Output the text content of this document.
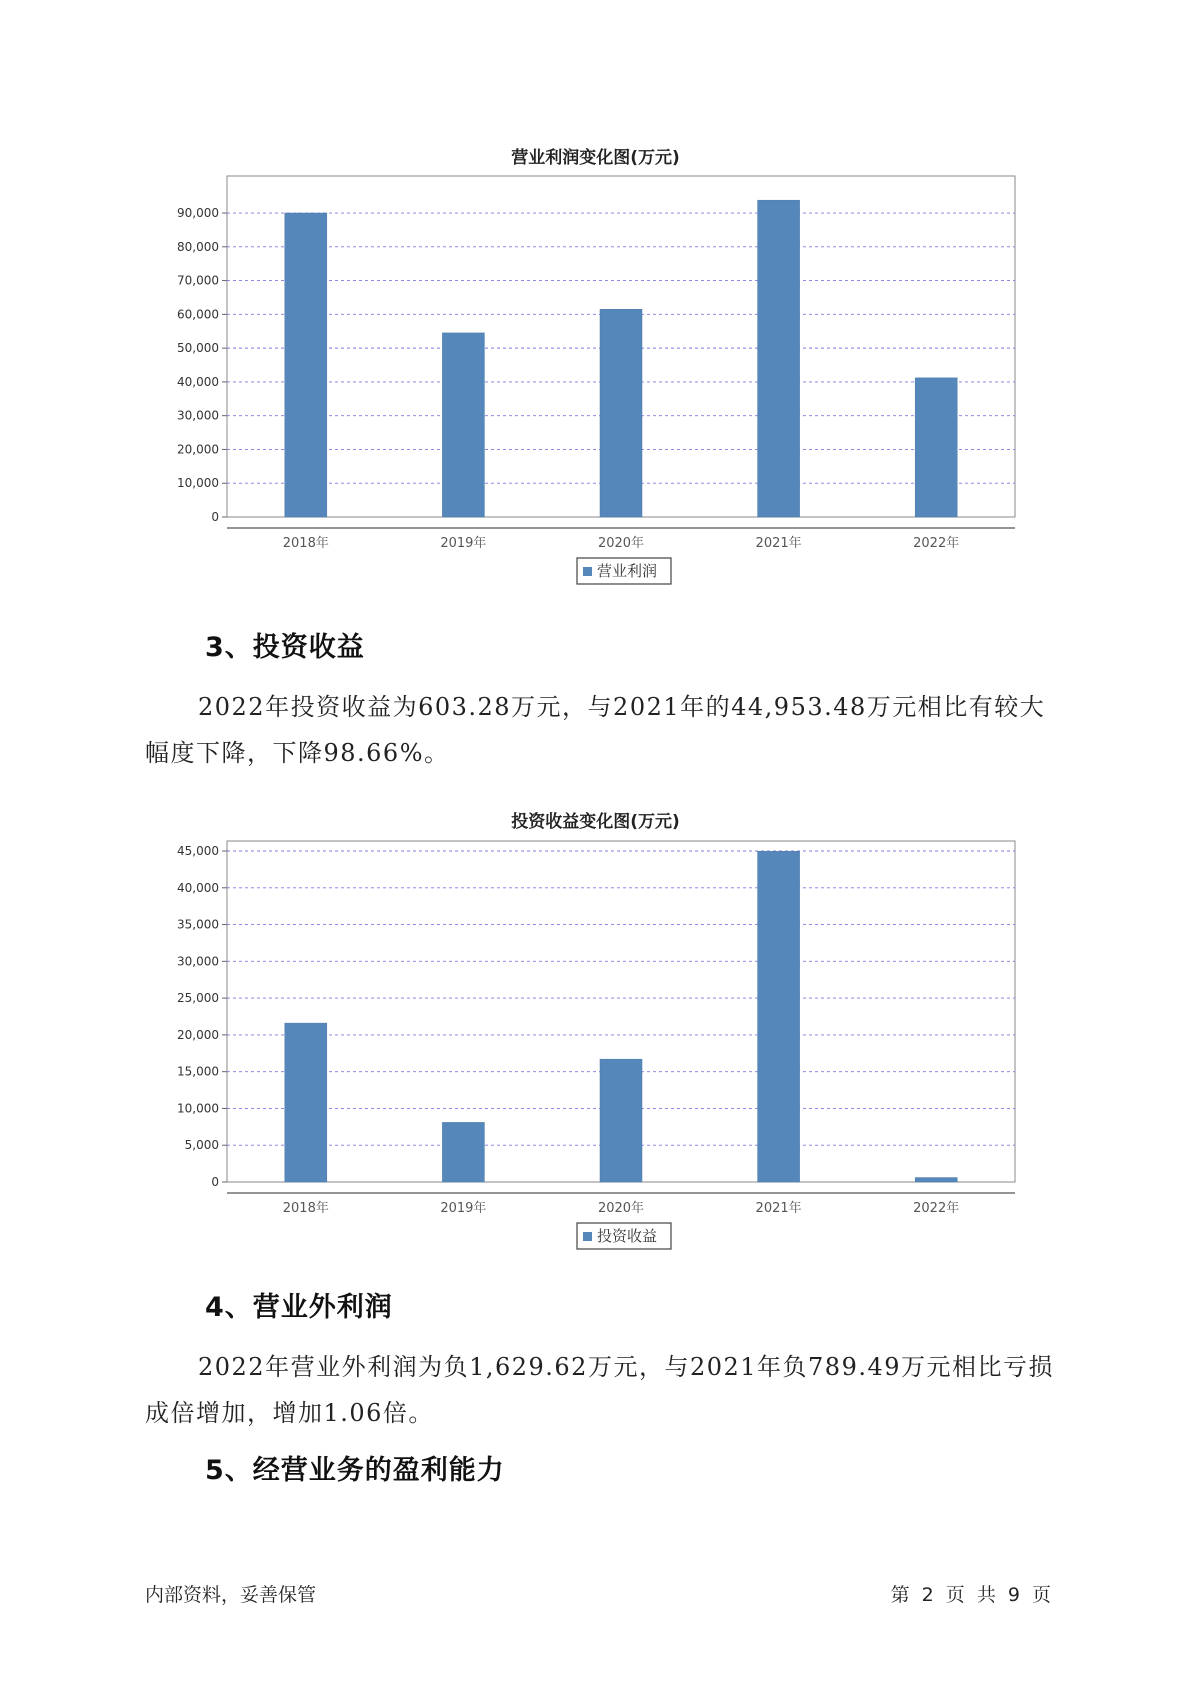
营业利润变化图(万元)
0
10,000
20,000
30,000
40,000
50,000
60,000
70,000
80,000
90,000
2018年	2019年	2020年	2021年	2022年
营业利润
3、投资收益
2022年投资收益为603.28万元，与2021年的44,953.48万元相比有较大幅度下降，下降98.66%。
投资收益变化图(万元)
0
5,000
10,000
15,000
20,000
25,000
30,000
35,000
40,000
45,000
2018年	2019年	2020年	2021年	2022年
投资收益
4、营业外利润
2022年营业外利润为负1,629.62万元，与2021年负789.49万元相比亏损成倍增加，增加1.06倍。
5、经营业务的盈利能力
内部资料，妥善保管	第 2 页 共 9 页
